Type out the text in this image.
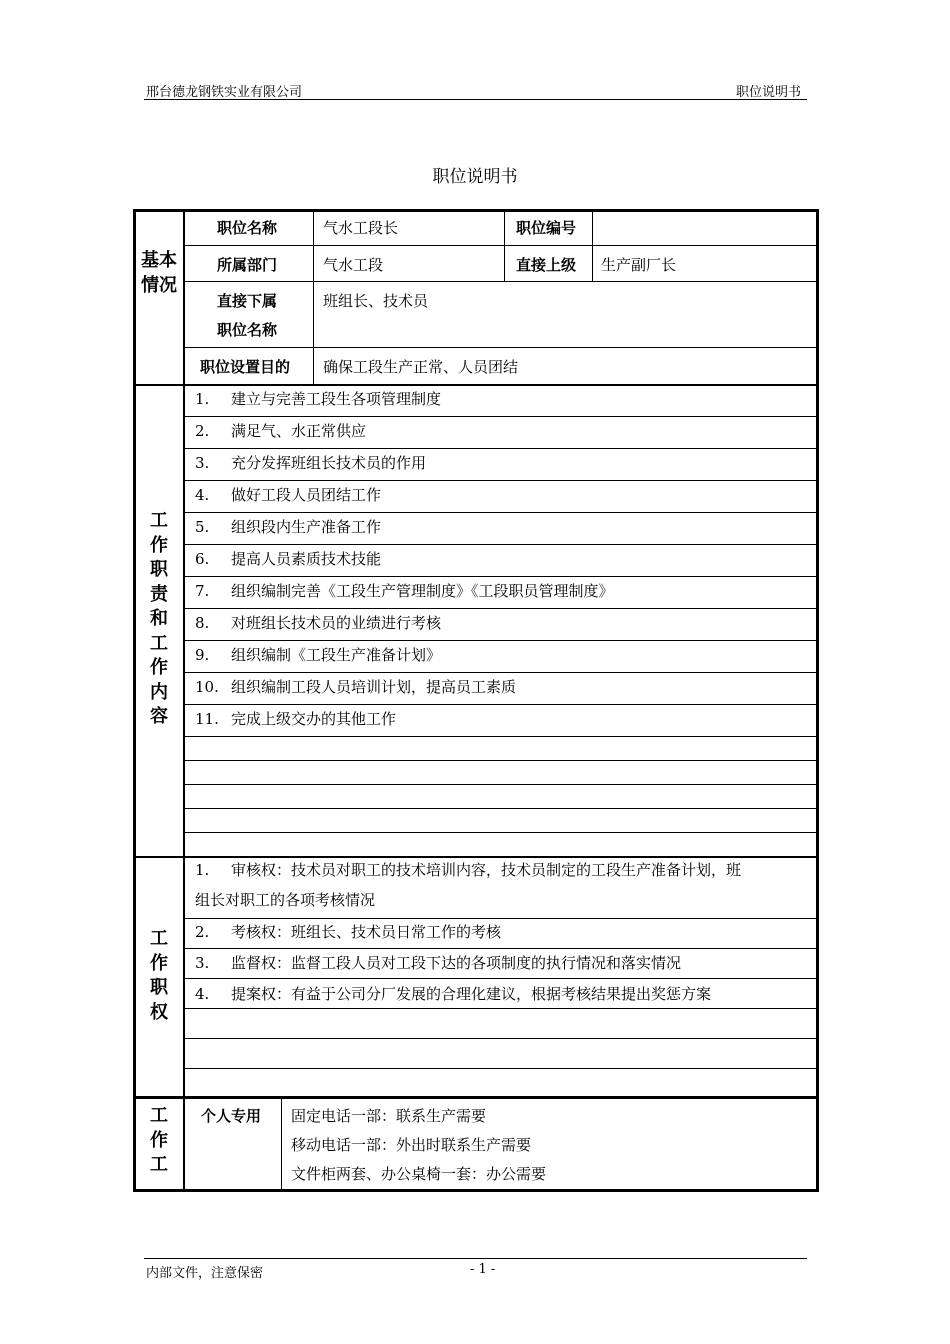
邢台德龙钢铁实业有限公司	职位说明书
职位说明书
基本情况
职位名称	气水工段长	职位编号
所属部门	气水工段	直接上级 生产副厂长
直接下属
职位名称
班组长、技术员
职位设置目的 确保工段生产正常、人员团结
工作职责和工作内容
1. 建立与完善工段生各项管理制度
2. 满足气、水正常供应
3. 充分发挥班组长技术员的作用
4. 做好工段人员团结工作
5. 组织段内生产准备工作
6. 提高人员素质技术技能
7. 组织编制完善《工段生产管理制度》《工段职员管理制度》
8. 对班组长技术员的业绩进行考核
9. 组织编制《工段生产准备计划》
10. 组织编制工段人员培训计划，提高员工素质
11. 完成上级交办的其他工作
工作职权
1. 审核权：技术员对职工的技术培训内容，技术员制定的工段生产准备计划，班
组长对职工的各项考核情况
2. 考核权：班组长、技术员日常工作的考核
3. 监督权：监督工段人员对工段下达的各项制度的执行情况和落实情况
4. 提案权：有益于公司分厂发展的合理化建议，根据考核结果提出奖惩方案
工作工
个人专用 固定电话一部：联系生产需要
移动电话一部：外出时联系生产需要
文件柜两套、办公桌椅一套：办公需要
内部文件，注意保密	- 1 -
